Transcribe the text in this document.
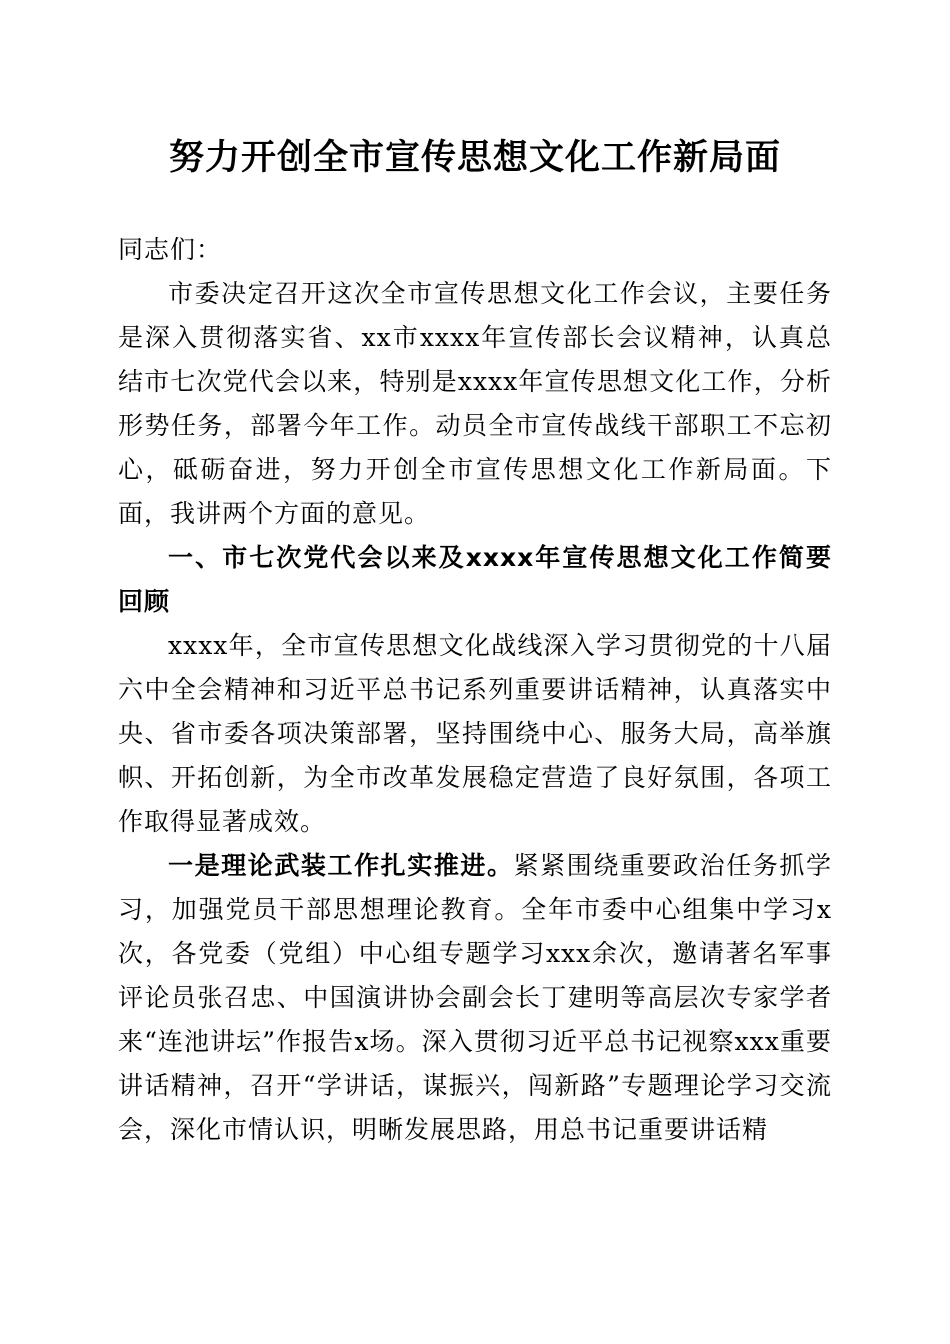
努力开创全市宣传思想文化工作新局面

同志们：

市委决定召开这次全市宣传思想文化工作会议，主要任务是深入贯彻落实省、xx市xxxx年宣传部长会议精神，认真总结市七次党代会以来，特别是xxxx年宣传思想文化工作，分析形势任务，部署今年工作。动员全市宣传战线干部职工不忘初心，砥砺奋进，努力开创全市宣传思想文化工作新局面。下面，我讲两个方面的意见。

一、市七次党代会以来及xxxx年宣传思想文化工作简要回顾

xxxx年，全市宣传思想文化战线深入学习贯彻党的十八届六中全会精神和习近平总书记系列重要讲话精神，认真落实中央、省市委各项决策部署，坚持围绕中心、服务大局，高举旗帜、开拓创新，为全市改革发展稳定营造了良好氛围，各项工作取得显著成效。

一是理论武装工作扎实推进。紧紧围绕重要政治任务抓学习，加强党员干部思想理论教育。全年市委中心组集中学习x次，各党委（党组）中心组专题学习xxx余次，邀请著名军事评论员张召忠、中国演讲协会副会长丁建明等高层次专家学者来“连池讲坛”作报告x场。深入贯彻习近平总书记视察xxx重要讲话精神，召开“学讲话，谋振兴，闯新路”专题理论学习交流会，深化市情认识，明晰发展思路，用总书记重要讲话精
